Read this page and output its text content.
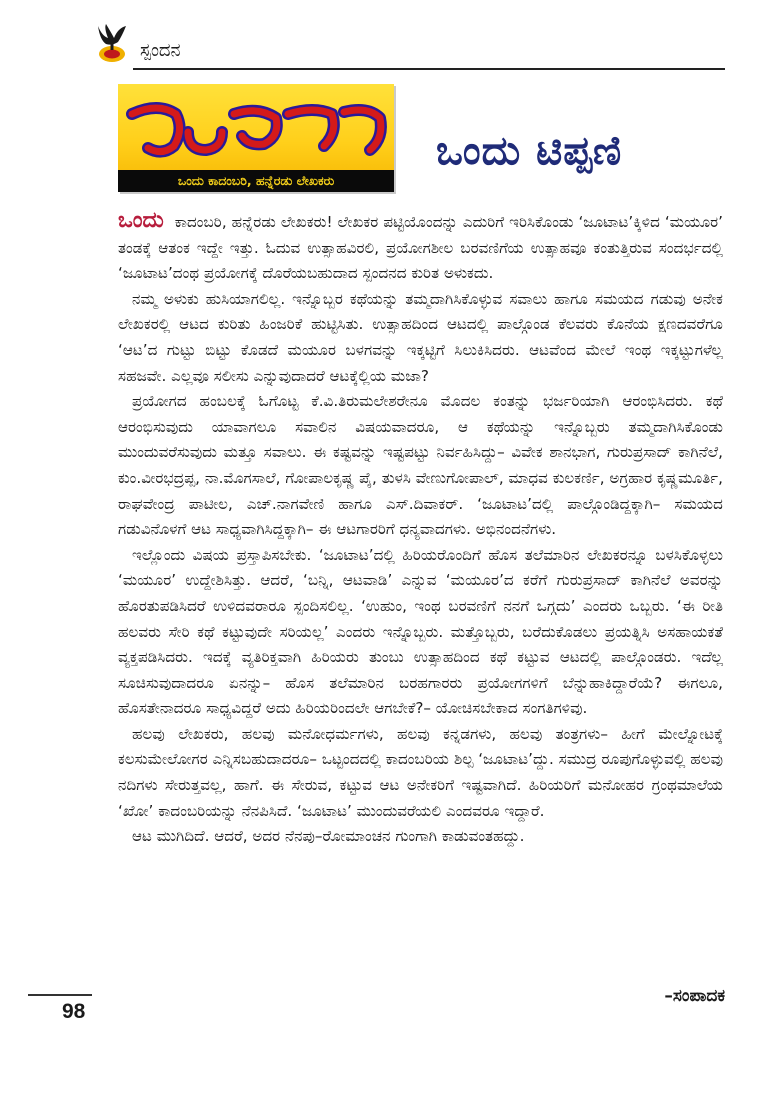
ಸ್ಪಂದನ
ಒಂದು ಕಾದಂಬರಿ, ಹನ್ನೆರಡು ಲೇಖಕರು
ಒಂದು ಟಿಪ್ಪಣಿ

ಒಂದು ಕಾದಂಬರಿ, ಹನ್ನೆರಡು ಲೇಖಕರು! ಲೇಖಕರ ಪಟ್ಟಿಯೊಂದನ್ನು ಎದುರಿಗೆ ಇರಿಸಿಕೊಂಡು ‘ಜೂಟಾಟ’ಕ್ಕಿಳಿದ ‘ಮಯೂರ’ ತಂಡಕ್ಕೆ ಆತಂಕ ಇದ್ದೇ ಇತ್ತು. ಓದುವ ಉತ್ಸಾಹವಿರಲಿ, ಪ್ರಯೋಗಶೀಲ ಬರವಣಿಗೆಯ ಉತ್ಸಾಹವೂ ಕಂತುತ್ತಿರುವ ಸಂದರ್ಭದಲ್ಲಿ ‘ಜೂಟಾಟ’ದಂಥ ಪ್ರಯೋಗಕ್ಕೆ ದೊರೆಯಬಹುದಾದ ಸ್ಪಂದನದ ಕುರಿತ ಅಳುಕದು.

ನಮ್ಮ ಅಳುಕು ಹುಸಿಯಾಗಲಿಲ್ಲ. ಇನ್ನೊಬ್ಬರ ಕಥೆಯನ್ನು ತಮ್ಮದಾಗಿಸಿಕೊಳ್ಳುವ ಸವಾಲು ಹಾಗೂ ಸಮಯದ ಗಡುವು ಅನೇಕ ಲೇಖಕರಲ್ಲಿ ಆಟದ ಕುರಿತು ಹಿಂಜರಿಕೆ ಹುಟ್ಟಿಸಿತು. ಉತ್ಸಾಹದಿಂದ ಆಟದಲ್ಲಿ ಪಾಲ್ಗೊಂಡ ಕೆಲವರು ಕೊನೆಯ ಕ್ಷಣದವರೆಗೂ ‘ಆಟ’ದ ಗುಟ್ಟು ಬಿಟ್ಟು ಕೊಡದೆ ಮಯೂರ ಬಳಗವನ್ನು ಇಕ್ಕಟ್ಟಿಗೆ ಸಿಲುಕಿಸಿದರು. ಆಟವೆಂದ ಮೇಲೆ ಇಂಥ ಇಕ್ಕಟ್ಟುಗಳೆಲ್ಲ ಸಹಜವೇ. ಎಲ್ಲವೂ ಸಲೀಸು ಎನ್ನುವುದಾದರೆ ಆಟಕ್ಕೆಲ್ಲಿಯ ಮಜಾ?

ಪ್ರಯೋಗದ ಹಂಬಲಕ್ಕೆ ಓಗೊಟ್ಟ ಕೆ.ವಿ.ತಿರುಮಲೇಶರೇನೂ ಮೊದಲ ಕಂತನ್ನು ಭರ್ಜರಿಯಾಗಿ ಆರಂಭಿಸಿದರು. ಕಥೆ ಆರಂಭಿಸುವುದು ಯಾವಾಗಲೂ ಸವಾಲಿನ ವಿಷಯವಾದರೂ, ಆ ಕಥೆಯನ್ನು ಇನ್ನೊಬ್ಬರು ತಮ್ಮದಾಗಿಸಿಕೊಂಡು ಮುಂದುವರೆಸುವುದು ಮತ್ತೂ ಸವಾಲು. ಈ ಕಷ್ಟವನ್ನು ಇಷ್ಟಪಟ್ಟು ನಿರ್ವಹಿಸಿದ್ದು– ವಿವೇಕ ಶಾನಭಾಗ, ಗುರುಪ್ರಸಾದ್ ಕಾಗಿನೆಲೆ, ಕುಂ.ವೀರಭದ್ರಪ್ಪ, ನಾ.ಮೊಗಸಾಲೆ, ಗೋಪಾಲಕೃಷ್ಣ ಪೈ, ತುಳಸಿ ವೇಣುಗೋಪಾಲ್, ಮಾಧವ ಕುಲಕರ್ಣಿ, ಅಗ್ರಹಾರ ಕೃಷ್ಣಮೂರ್ತಿ, ರಾಘವೇಂದ್ರ ಪಾಟೀಲ, ಎಚ್.ನಾಗವೇಣಿ ಹಾಗೂ ಎಸ್.ದಿವಾಕರ್. ‘ಜೂಟಾಟ’ದಲ್ಲಿ ಪಾಲ್ಗೊಂಡಿದ್ದಕ್ಕಾಗಿ– ಸಮಯದ ಗಡುವಿನೊಳಗೆ ಆಟ ಸಾಧ್ಯವಾಗಿಸಿದ್ದಕ್ಕಾಗಿ– ಈ ಆಟಗಾರರಿಗೆ ಧನ್ಯವಾದಗಳು. ಅಭಿನಂದನೆಗಳು.

ಇಲ್ಲೊಂದು ವಿಷಯ ಪ್ರಸ್ತಾಪಿಸಬೇಕು. ‘ಜೂಟಾಟ’ದಲ್ಲಿ ಹಿರಿಯರೊಂದಿಗೆ ಹೊಸ ತಲೆಮಾರಿನ ಲೇಖಕರನ್ನೂ ಬಳಸಿಕೊಳ್ಳಲು ‘ಮಯೂರ’ ಉದ್ದೇಶಿಸಿತ್ತು. ಆದರೆ, ‘ಬನ್ನಿ, ಆಟವಾಡಿ’ ಎನ್ನುವ ‘ಮಯೂರ’ದ ಕರೆಗೆ ಗುರುಪ್ರಸಾದ್ ಕಾಗಿನೆಲೆ ಅವರನ್ನು ಹೊರತುಪಡಿಸಿದರೆ ಉಳಿದವರಾರೂ ಸ್ಪಂದಿಸಲಿಲ್ಲ. ‘ಉಹುಂ, ಇಂಥ ಬರವಣಿಗೆ ನನಗೆ ಒಗ್ಗದು’ ಎಂದರು ಒಬ್ಬರು. ‘ಈ ರೀತಿ ಹಲವರು ಸೇರಿ ಕಥೆ ಕಟ್ಟುವುದೇ ಸರಿಯಲ್ಲ’ ಎಂದರು ಇನ್ನೊಬ್ಬರು. ಮತ್ತೊಬ್ಬರು, ಬರೆದುಕೊಡಲು ಪ್ರಯತ್ನಿಸಿ ಅಸಹಾಯಕತೆ ವ್ಯಕ್ತಪಡಿಸಿದರು. ಇದಕ್ಕೆ ವ್ಯತಿರಿಕ್ತವಾಗಿ ಹಿರಿಯರು ತುಂಬು ಉತ್ಸಾಹದಿಂದ ಕಥೆ ಕಟ್ಟುವ ಆಟದಲ್ಲಿ ಪಾಲ್ಗೊಂಡರು. ಇದೆಲ್ಲ ಸೂಚಿಸುವುದಾದರೂ ಏನನ್ನು– ಹೊಸ ತಲೆಮಾರಿನ ಬರಹಗಾರರು ಪ್ರಯೋಗಗಳಿಗೆ ಬೆನ್ನುಹಾಕಿದ್ದಾರೆಯೆ? ಈಗಲೂ, ಹೊಸತೇನಾದರೂ ಸಾಧ್ಯವಿದ್ದರೆ ಅದು ಹಿರಿಯರಿಂದಲೇ ಆಗಬೇಕೆ?– ಯೋಚಿಸಬೇಕಾದ ಸಂಗತಿಗಳಿವು.

ಹಲವು ಲೇಖಕರು, ಹಲವು ಮನೋಧರ್ಮಗಳು, ಹಲವು ಕನ್ನಡಗಳು, ಹಲವು ತಂತ್ರಗಳು– ಹೀಗೆ ಮೇಲ್ನೋಟಕ್ಕೆ ಕಲಸುಮೇಲೋಗರ ಎನ್ನಿಸಬಹುದಾದರೂ– ಒಟ್ಟಂದದಲ್ಲಿ ಕಾದಂಬರಿಯ ಶಿಲ್ಪ ‘ಜೂಟಾಟ’ದ್ದು. ಸಮುದ್ರ ರೂಪುಗೊಳ್ಳುವಲ್ಲಿ ಹಲವು ನದಿಗಳು ಸೇರುತ್ತವಲ್ಲ, ಹಾಗೆ. ಈ ಸೇರುವ, ಕಟ್ಟುವ ಆಟ ಅನೇಕರಿಗೆ ಇಷ್ಟವಾಗಿದೆ. ಹಿರಿಯರಿಗೆ ಮನೋಹರ ಗ್ರಂಥಮಾಲೆಯ ‘ಖೋ’ ಕಾದಂಬರಿಯನ್ನು ನೆನಪಿಸಿದೆ. ‘ಜೂಟಾಟ’ ಮುಂದುವರೆಯಲಿ ಎಂದವರೂ ಇದ್ದಾರೆ.

ಆಟ ಮುಗಿದಿದೆ. ಆದರೆ, ಅದರ ನೆನಪು–ರೋಮಾಂಚನ ಗುಂಗಾಗಿ ಕಾಡುವಂತಹದ್ದು.

–ಸಂಪಾದಕ
98
